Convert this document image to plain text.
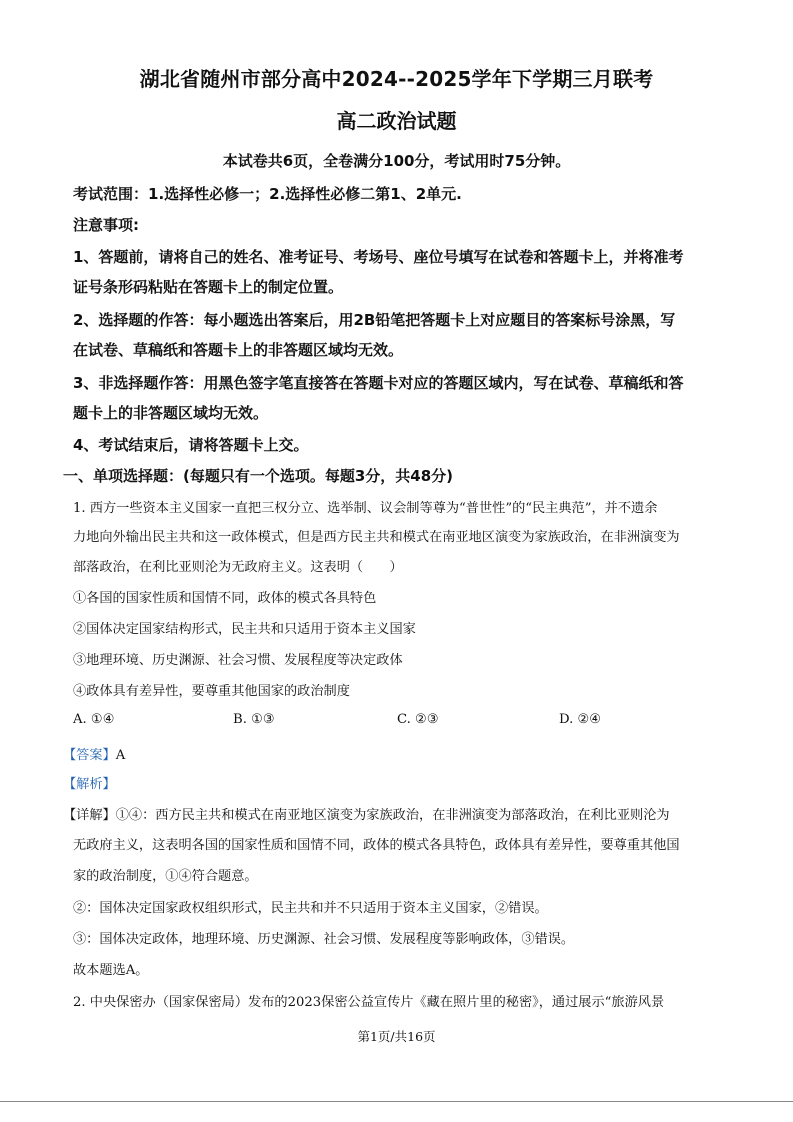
湖北省随州市部分高中2024--2025学年下学期三月联考
高二政治试题
本试卷共6页，全卷满分100分，考试用时75分钟。
考试范围：1.选择性必修一；2.选择性必修二第1、2单元.
注意事项:
1、答题前，请将自己的姓名、准考证号、考场号、座位号填写在试卷和答题卡上，并将准考
证号条形码粘贴在答题卡上的制定位置。
2、选择题的作答：每小题选出答案后，用2B铅笔把答题卡上对应题目的答案标号涂黑，写
在试卷、草稿纸和答题卡上的非答题区域均无效。
3、非选择题作答：用黑色签字笔直接答在答题卡对应的答题区域内，写在试卷、草稿纸和答
题卡上的非答题区域均无效。
4、考试结束后，请将答题卡上交。
一、单项选择题：(每题只有一个选项。每题3分，共48分)
1. 西方一些资本主义国家一直把三权分立、选举制、议会制等尊为“普世性”的“民主典范”，并不遗余
力地向外输出民主共和这一政体模式，但是西方民主共和模式在南亚地区演变为家族政治，在非洲演变为
部落政治，在利比亚则沦为无政府主义。这表明（　　）
①各国的国家性质和国情不同，政体的模式各具特色
②国体决定国家结构形式，民主共和只适用于资本主义国家
③地理环境、历史渊源、社会习惯、发展程度等决定政体
④政体具有差异性，要尊重其他国家的政治制度
A. ①④	B. ①③	C. ②③	D. ②④
【答案】A
【解析】
【详解】①④：西方民主共和模式在南亚地区演变为家族政治，在非洲演变为部落政治，在利比亚则沦为
无政府主义，这表明各国的国家性质和国情不同，政体的模式各具特色，政体具有差异性，要尊重其他国
家的政治制度，①④符合题意。
②：国体决定国家政权组织形式，民主共和并不只适用于资本主义国家，②错误。
③：国体决定政体，地理环境、历史渊源、社会习惯、发展程度等影响政体，③错误。
故本题选A。
2. 中央保密办（国家保密局）发布的2023保密公益宣传片《藏在照片里的秘密》，通过展示“旅游风景
第1页/共16页
